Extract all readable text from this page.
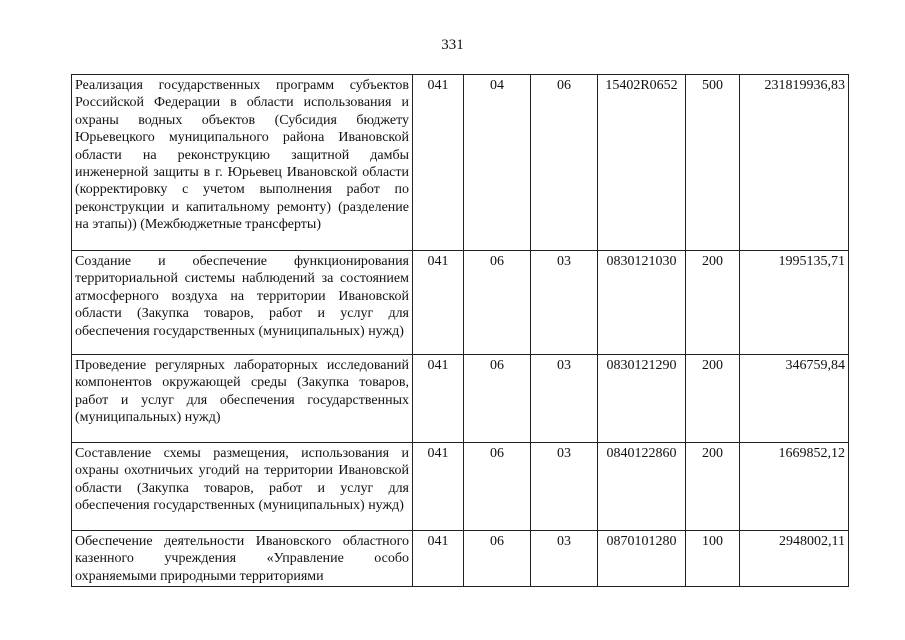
331
Реализация государственных программ субъектов Российской Федерации в области использования и охраны водных объектов (Субсидия бюджету Юрьевецкого муниципального района Ивановской области на реконструкцию защитной дамбы инженерной защиты в г. Юрьевец Ивановской области (корректировку с учетом выполнения работ по реконструкции и капитальному ремонту) (разделение на этапы)) (Межбюджетные трансферты)	041	04	06	15402R0652	500	231819936,83
Создание и обеспечение функционирования территориальной системы наблюдений за состоянием атмосферного воздуха на территории Ивановской области (Закупка товаров, работ и услуг для обеспечения государственных (муниципальных) нужд)	041	06	03	0830121030	200	1995135,71
Проведение регулярных лабораторных исследований компонентов окружающей среды (Закупка товаров, работ и услуг для обеспечения государственных (муниципальных) нужд)	041	06	03	0830121290	200	346759,84
Составление схемы размещения, использования и охраны охотничьих угодий на территории Ивановской области (Закупка товаров, работ и услуг для обеспечения государственных (муниципальных) нужд)	041	06	03	0840122860	200	1669852,12
Обеспечение деятельности Ивановского областного казенного учреждения «Управление особо охраняемыми природными территориями	041	06	03	0870101280	100	2948002,11
